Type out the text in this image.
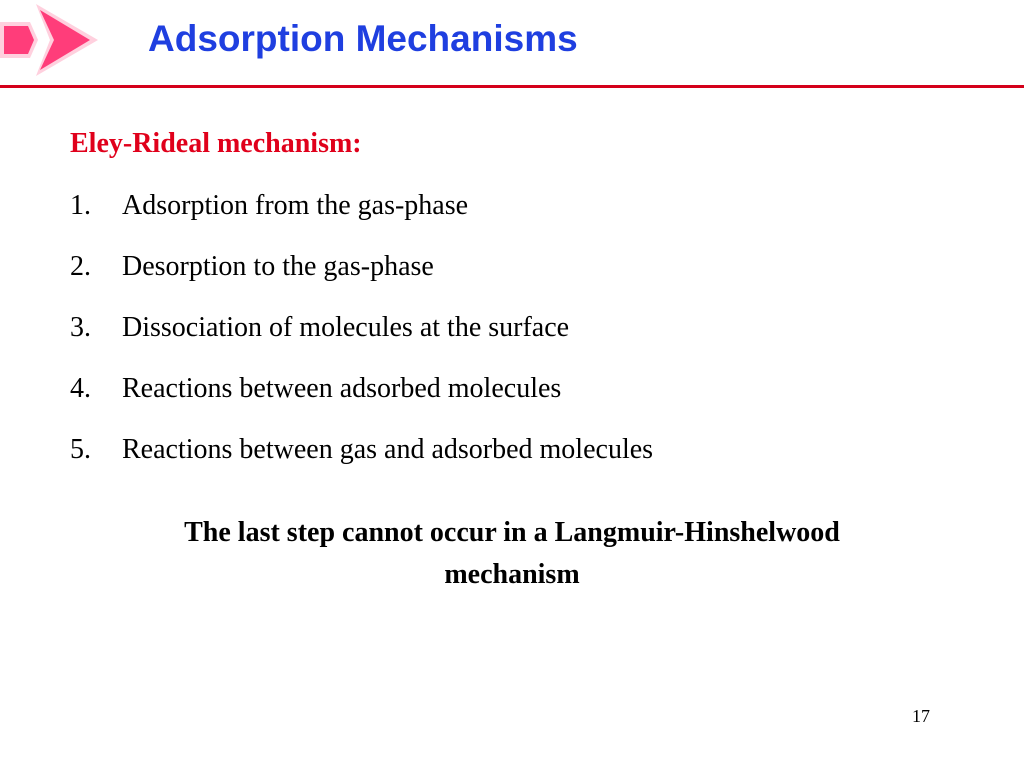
Adsorption Mechanisms
Eley-Rideal mechanism:
1.	Adsorption from the gas-phase
2.	Desorption to the gas-phase
3.	Dissociation of molecules at the surface
4.	Reactions between adsorbed molecules
5.	Reactions between gas and adsorbed molecules
The last step cannot occur in a Langmuir-Hinshelwood
mechanism
17
